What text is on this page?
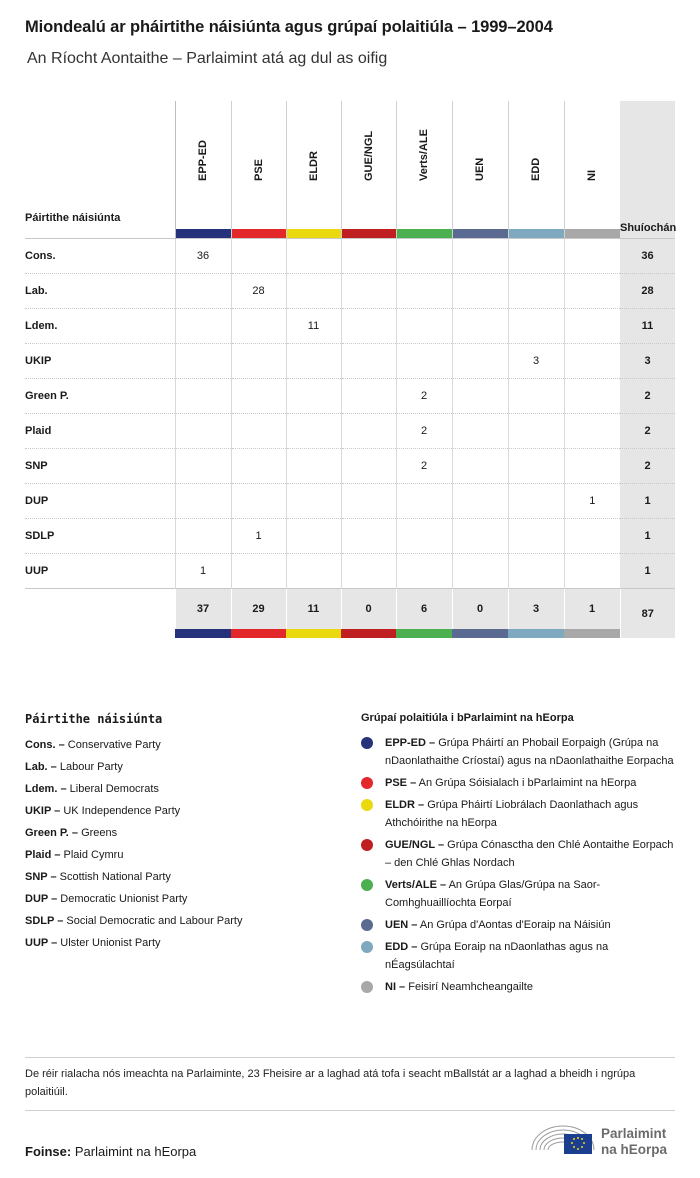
Miondealú ar pháirtithe náisiúnta agus grúpaí polaitiúla – 1999–2004
An Ríocht Aontaithe – Parlaimint atá ag dul as oifig
Páirtithe náisiúnta	EPP-ED	PSE	ELDR	GUE/NGL	Verts/ALE	UEN	EDD	NI	Shuíochán

Cons.	36								36
Lab.		28							28
Ldem.			11						11
UKIP							3		3
Green P.					2				2
Plaid					2				2
SNP					2				2
DUP								1	1
SDLP		1							1
UUP	1								1
	37	29	11	0	6	0	3	1	87

Páirtithe náisiúnta
Cons. – Conservative Party
Lab. – Labour Party
Ldem. – Liberal Democrats
UKIP – UK Independence Party
Green P. – Greens
Plaid – Plaid Cymru
SNP – Scottish National Party
DUP – Democratic Unionist Party
SDLP – Social Democratic and Labour Party
UUP – Ulster Unionist Party
Grúpaí polaitiúla i bParlaimint na hEorpa
EPP-ED – Grúpa Pháirtí an Phobail Eorpaigh (Grúpa na nDaonlathaithe Críostaí) agus na nDaonlathaithe Eorpacha
PSE – An Grúpa Sóisialach i bParlaimint na hEorpa
ELDR – Grúpa Pháirtí Liobrálach Daonlathach agus Athchóirithe na hEorpa
GUE/NGL – Grúpa Cónasctha den Chlé Aontaithe Eorpach – den Chlé Ghlas Nordach
Verts/ALE – An Grúpa Glas/Grúpa na Saor-Comhghuaillíochta Eorpaí
UEN – An Grúpa d'Aontas d'Eoraip na Náisiún
EDD – Grúpa Eoraip na nDaonlathas agus na nÉagsúlachtaí
NI – Feisirí Neamhcheangailte
De réir rialacha nós imeachta na Parlaiminte, 23 Fheisire ar a laghad atá tofa i seacht mBallstát ar a laghad a bheidh i ngrúpa polaitiúil.
Foinse: Parlaimint na hEorpa
Parlaimint
na hEorpa
